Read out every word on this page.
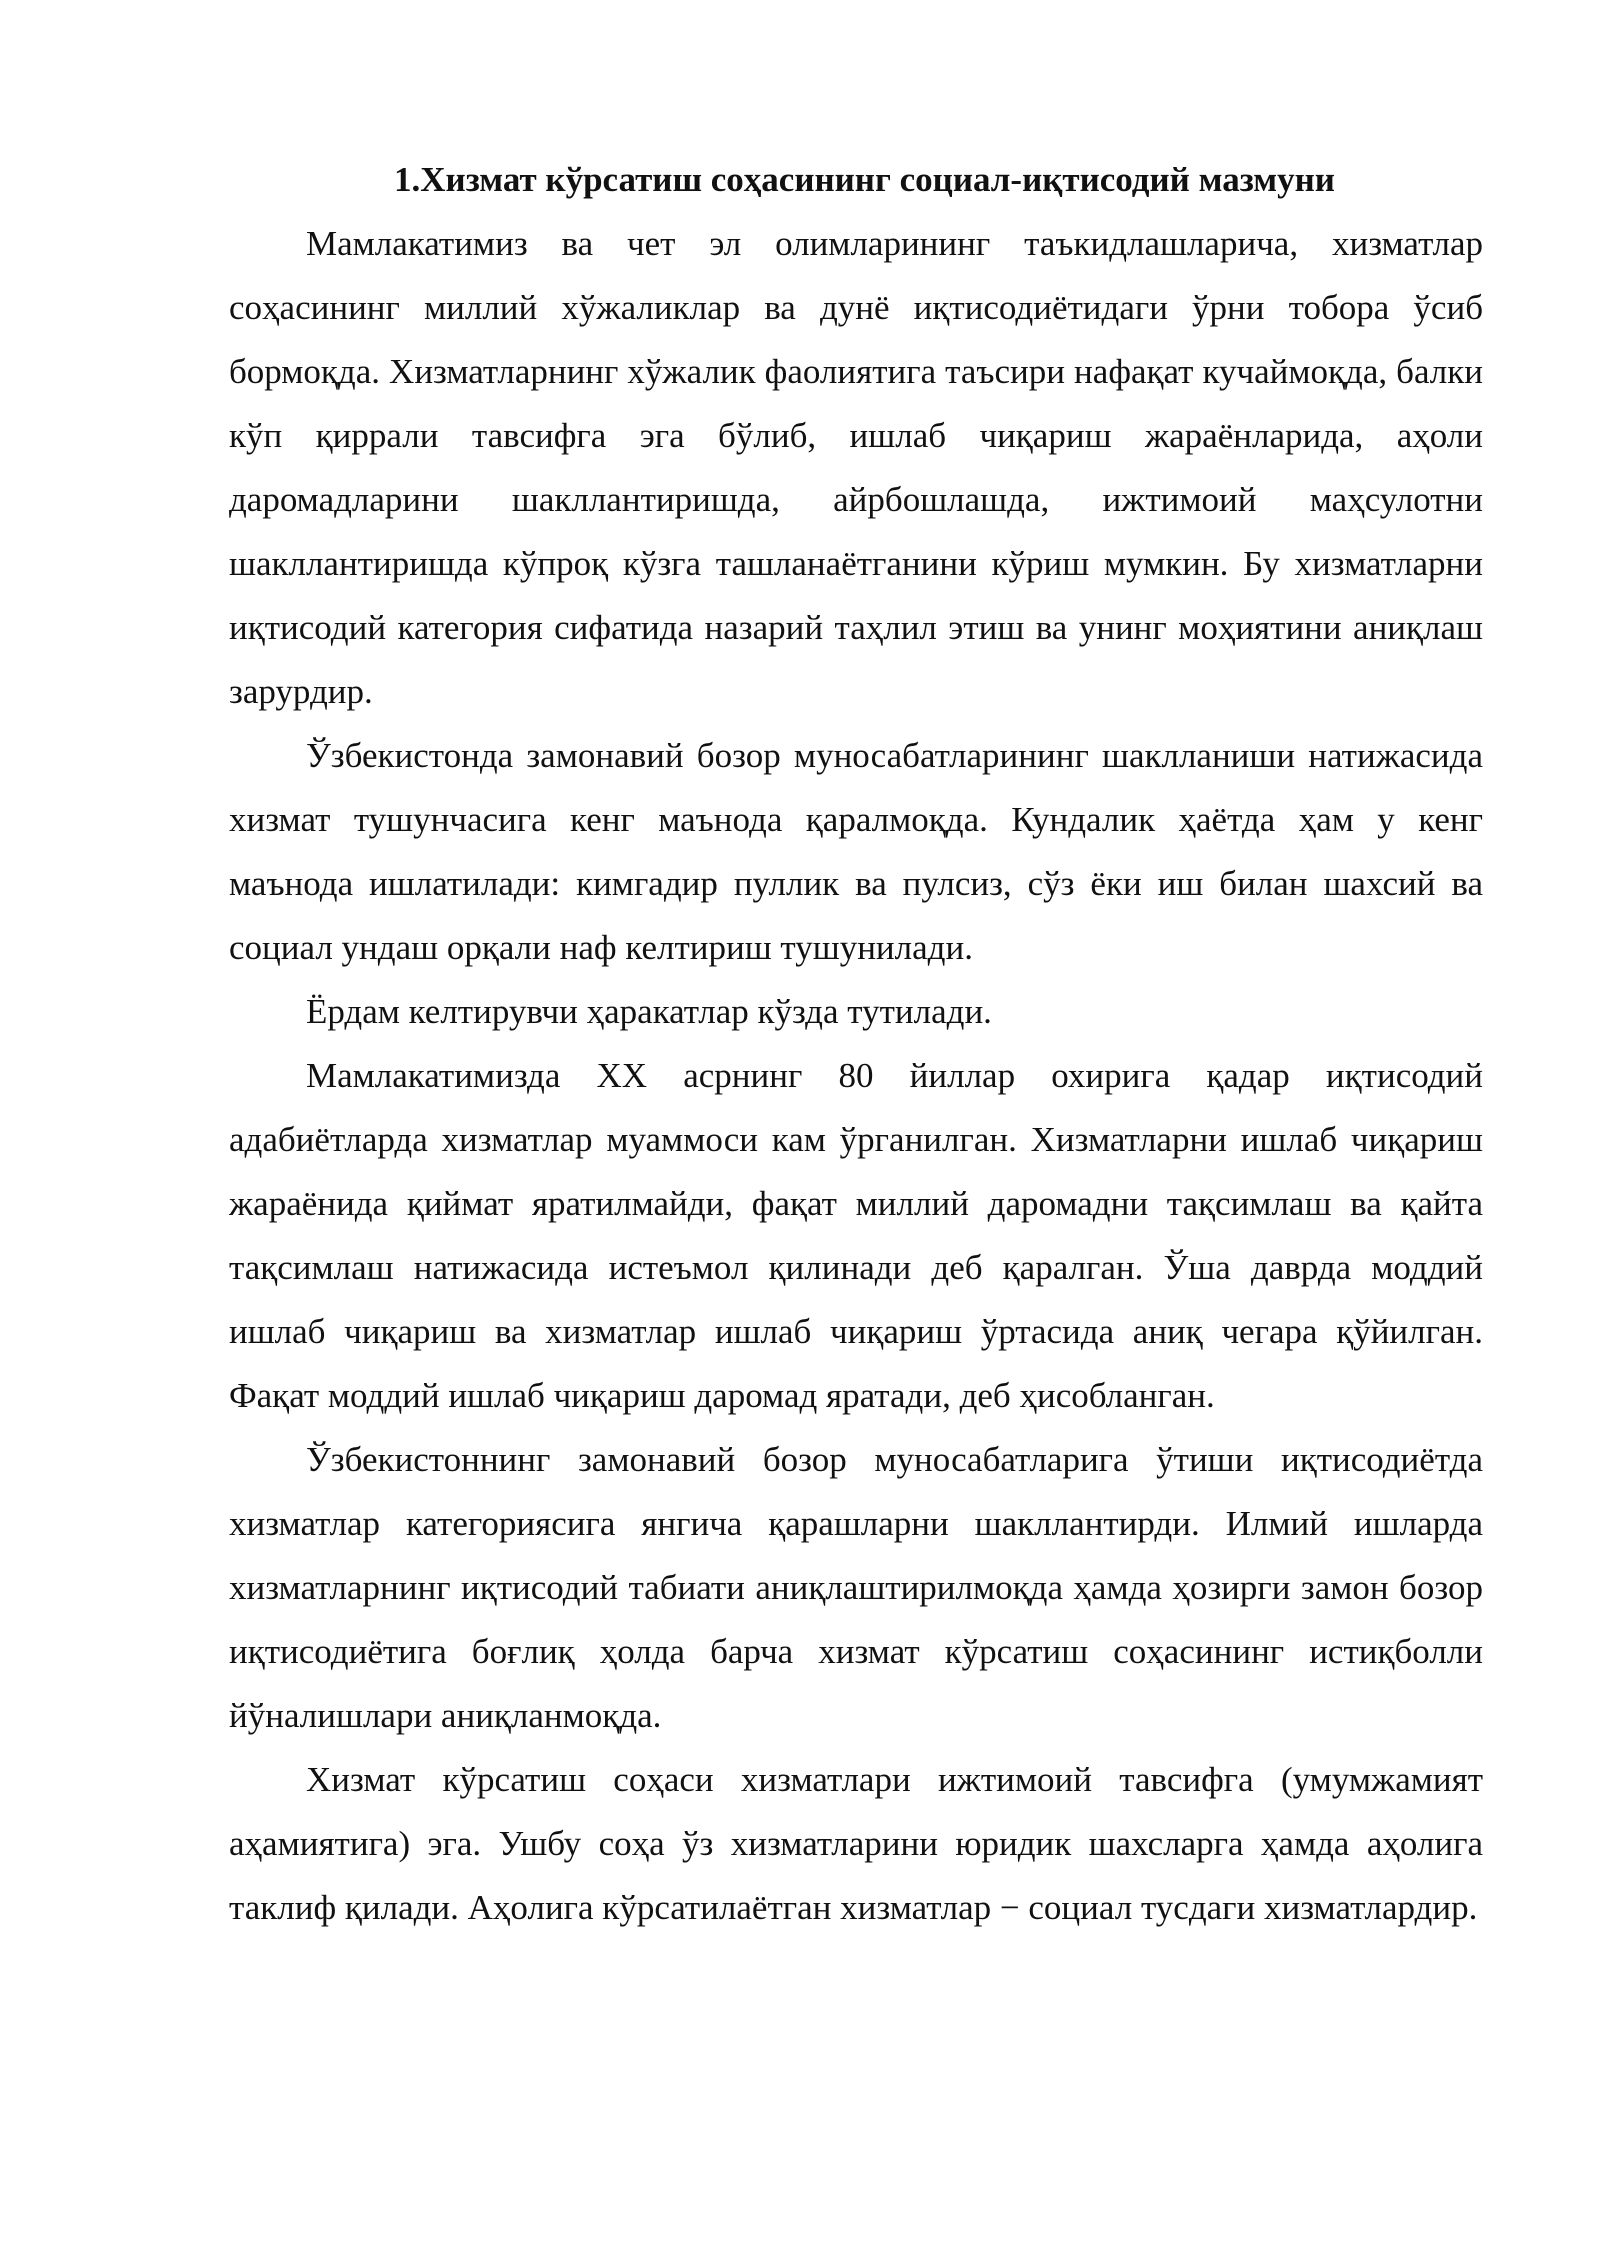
1.Хизмат кўрсатиш соҳасининг социал-иқтисодий мазмуни

Мамлакатимиз ва чет эл олимларининг таъкидлашларича, хизматлар соҳасининг миллий хўжаликлар ва дунё иқтисодиётидаги ўрни тобора ўсиб бормоқда. Хизматларнинг хўжалик фаолиятига таъсири нафақат кучаймоқда, балки кўп қиррали тавсифга эга бўлиб, ишлаб чиқариш жараёнларида, аҳоли даромадларини шакллантиришда, айрбошлашда, ижтимоий маҳсулотни шакллантиришда кўпроқ кўзга ташланаётганини кўриш мумкин. Бу хизматларни иқтисодий категория сифатида назарий таҳлил этиш ва унинг моҳиятини аниқлаш зарурдир.

Ўзбекистонда замонавий бозор муносабатларининг шаклланиши натижасида хизмат тушунчасига кенг маънода қаралмоқда. Кундалик ҳаётда ҳам у кенг маънода ишлатилади: кимгадир пуллик ва пулсиз, сўз ёки иш билан шахсий ва социал ундаш орқали наф келтириш тушунилади.

Ёрдам келтирувчи ҳаракатлар кўзда тутилади.

Мамлакатимизда XX асрнинг 80 йиллар охирига қадар иқтисодий адабиётларда хизматлар муаммоси кам ўрганилган. Хизматларни ишлаб чиқариш жараёнида қиймат яратилмайди, фақат миллий даромадни тақсимлаш ва қайта тақсимлаш натижасида истеъмол қилинади деб қаралган. Ўша даврда моддий ишлаб чиқариш ва хизматлар ишлаб чиқариш ўртасида аниқ чегара қўйилган. Фақат моддий ишлаб чиқариш даромад яратади, деб ҳисобланган.

Ўзбекистоннинг замонавий бозор муносабатларига ўтиши иқтисодиётда хизматлар категориясига янгича қарашларни шакллантирди. Илмий ишларда хизматларнинг иқтисодий табиати аниқлаштирилмоқда ҳамда ҳозирги замон бозор иқтисодиётига боғлиқ ҳолда барча хизмат кўрсатиш соҳасининг истиқболли йўналишлари аниқланмоқда.

Хизмат кўрсатиш соҳаси хизматлари ижтимоий тавсифга (умумжамият аҳамиятига) эга. Ушбу соҳа ўз хизматларини юридик шахсларга ҳамда аҳолига таклиф қилади. Аҳолига кўрсатилаётган хизматлар − социал тусдаги хизматлардир.
